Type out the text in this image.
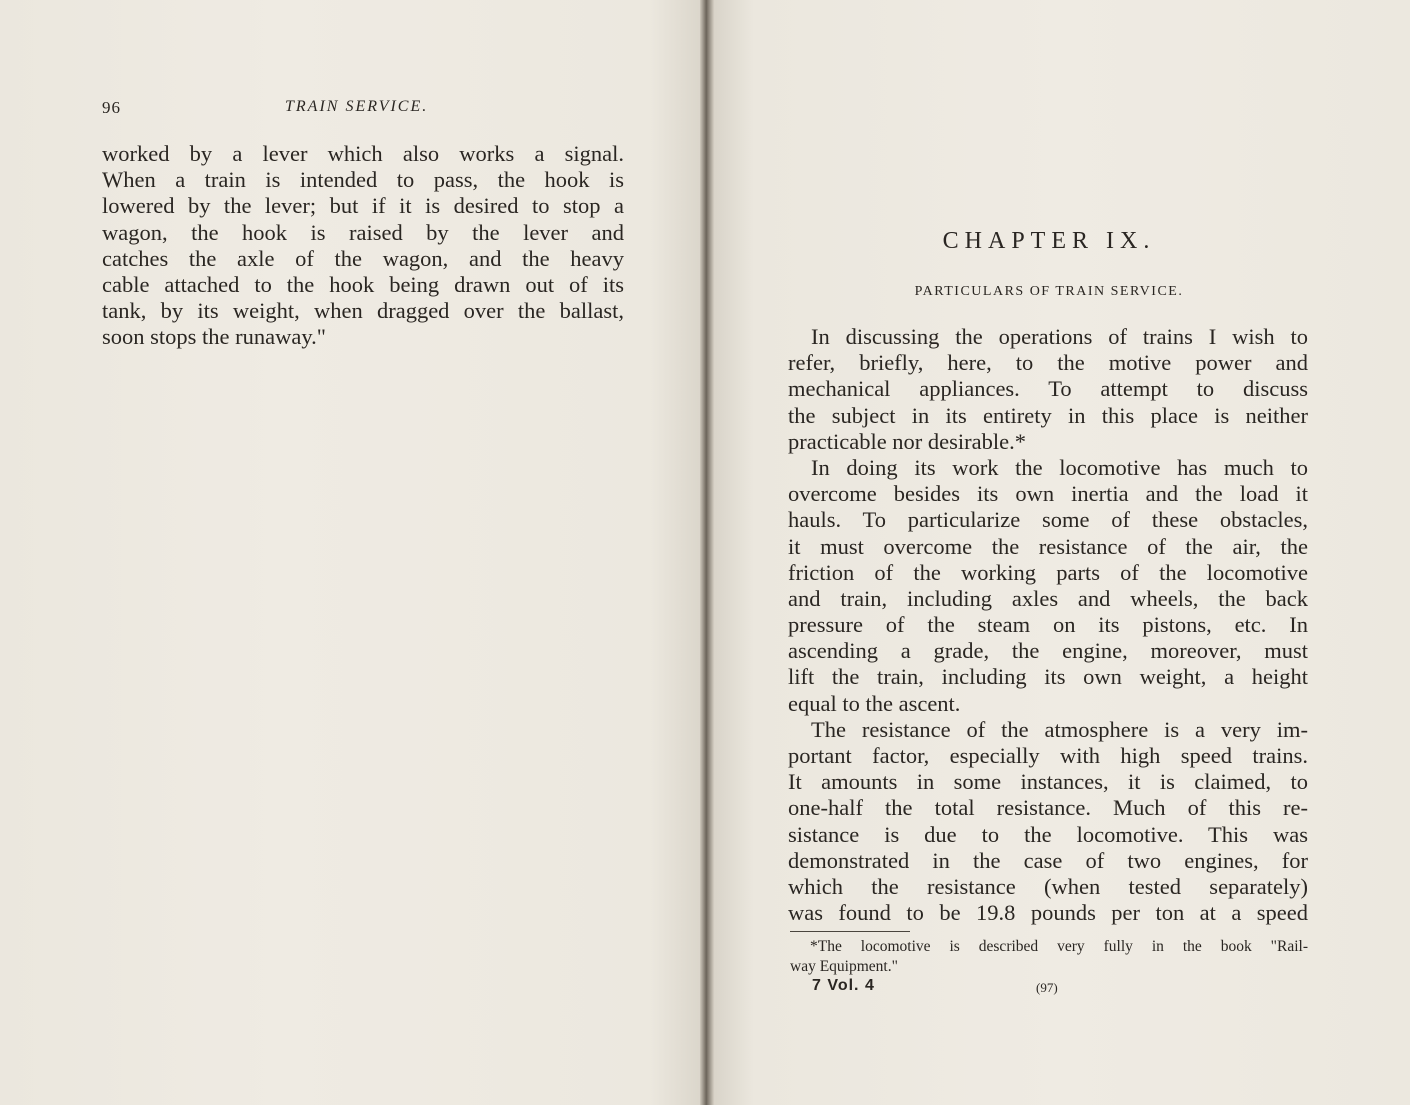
96	TRAIN SERVICE.
worked by a lever which also works a signal.
When a train is intended to pass, the hook is
lowered by the lever; but if it is desired to stop a
wagon, the hook is raised by the lever and
catches the axle of the wagon, and the heavy
cable attached to the hook being drawn out of its
tank, by its weight, when dragged over the ballast,
soon stops the runaway."
CHAPTER IX.
PARTICULARS OF TRAIN SERVICE.
In discussing the operations of trains I wish to
refer, briefly, here, to the motive power and
mechanical appliances. To attempt to discuss
the subject in its entirety in this place is neither
practicable nor desirable.*
In doing its work the locomotive has much to
overcome besides its own inertia and the load it
hauls. To particularize some of these obstacles,
it must overcome the resistance of the air, the
friction of the working parts of the locomotive
and train, including axles and wheels, the back
pressure of the steam on its pistons, etc. In
ascending a grade, the engine, moreover, must
lift the train, including its own weight, a height
equal to the ascent.
The resistance of the atmosphere is a very im-
portant factor, especially with high speed trains.
It amounts in some instances, it is claimed, to
one-half the total resistance. Much of this re-
sistance is due to the locomotive. This was
demonstrated in the case of two engines, for
which the resistance (when tested separately)
was found to be 19.8 pounds per ton at a speed
*The locomotive is described very fully in the book "Rail-
way Equipment."
7 Vol. 4	(97)
